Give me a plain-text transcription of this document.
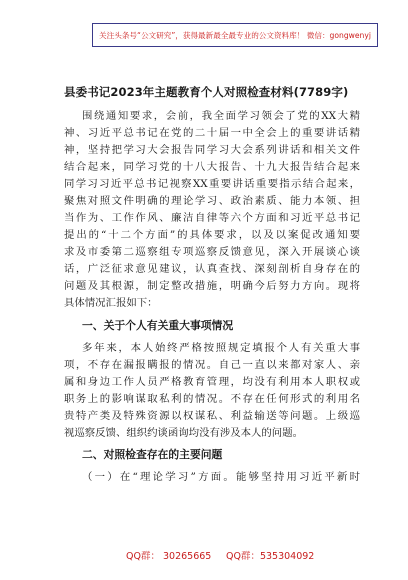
关注头条号“公文研究”，获得最新最全最专业的公文资料库！ 微信：gongwenyj
县委书记2023年主题教育个人对照检查材料(7789字)
围绕通知要求，会前，我全面学习领会了党的XX大精
神、习近平总书记在党的二十届一中全会上的重要讲话精
神，坚持把学习大会报告同学习大会系列讲话和相关文件
结合起来，同学习党的十八大报告、十九大报告结合起来
同学习习近平总书记视察XX重要讲话重要指示结合起来，
聚焦对照文件明确的理论学习、政治素质、能力本领、担
当作为、工作作风、廉洁自律等六个方面和习近平总书记
提出的“十二个方面”的具体要求，以及以案促改通知要
求及市委第二巡察组专项巡察反馈意见，深入开展谈心谈
话，广泛征求意见建议，认真查找、深刻剖析自身存在的
问题及其根源，制定整改措施，明确今后努力方向。现将
具体情况汇报如下：
一、关于个人有关重大事项情况
多年来，本人始终严格按照规定填报个人有关重大事
项，不存在漏报瞒报的情况。自己一直以来都对家人、亲
属和身边工作人员严格教育管理，均没有利用本人职权或
职务上的影响谋取私利的情况。不存在任何形式的利用名
贵特产类及特殊资源以权谋私、利益输送等问题。上级巡
视巡察反馈、组织约谈函询均没有涉及本人的问题。
二、对照检查存在的主要问题
（一）在“理论学习”方面。能够坚持用习近平新时
QQ群： 30265665 QQ群：535304092
